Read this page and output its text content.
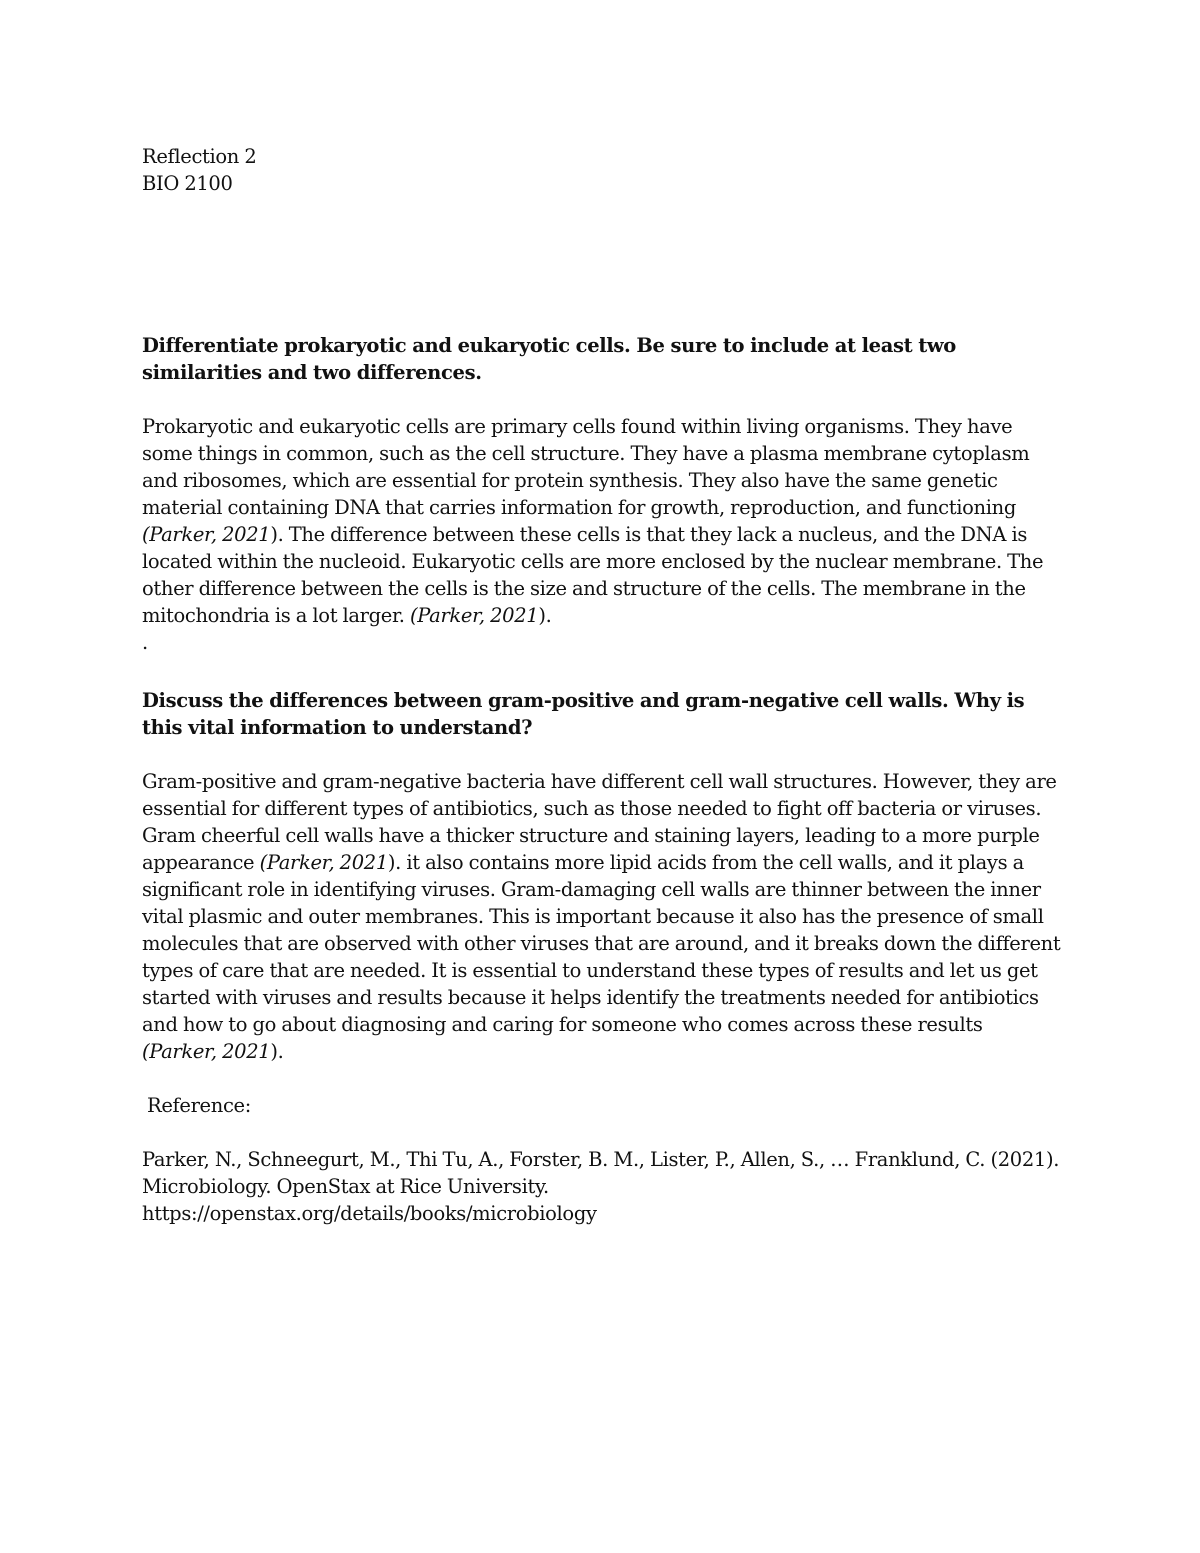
Reflection 2
BIO 2100

Differentiate prokaryotic and eukaryotic cells. Be sure to include at least two similarities and two differences.

Prokaryotic and eukaryotic cells are primary cells found within living organisms. They have some things in common, such as the cell structure. They have a plasma membrane cytoplasm and ribosomes, which are essential for protein synthesis. They also have the same genetic material containing DNA that carries information for growth, reproduction, and functioning (Parker, 2021). The difference between these cells is that they lack a nucleus, and the DNA is located within the nucleoid. Eukaryotic cells are more enclosed by the nuclear membrane. The other difference between the cells is the size and structure of the cells. The membrane in the mitochondria is a lot larger. (Parker, 2021).

.

Discuss the differences between gram-positive and gram-negative cell walls. Why is this vital information to understand?

Gram-positive and gram-negative bacteria have different cell wall structures. However, they are essential for different types of antibiotics, such as those needed to fight off bacteria or viruses. Gram cheerful cell walls have a thicker structure and staining layers, leading to a more purple appearance (Parker, 2021). it also contains more lipid acids from the cell walls, and it plays a significant role in identifying viruses. Gram-damaging cell walls are thinner between the inner vital plasmic and outer membranes. This is important because it also has the presence of small molecules that are observed with other viruses that are around, and it breaks down the different types of care that are needed. It is essential to understand these types of results and let us get started with viruses and results because it helps identify the treatments needed for antibiotics and how to go about diagnosing and caring for someone who comes across these results (Parker, 2021).

Reference:

Parker, N., Schneegurt, M., Thi Tu, A., Forster, B. M., Lister, P., Allen, S., … Franklund, C. (2021). Microbiology. OpenStax at Rice University.
https://openstax.org/details/books/microbiology
